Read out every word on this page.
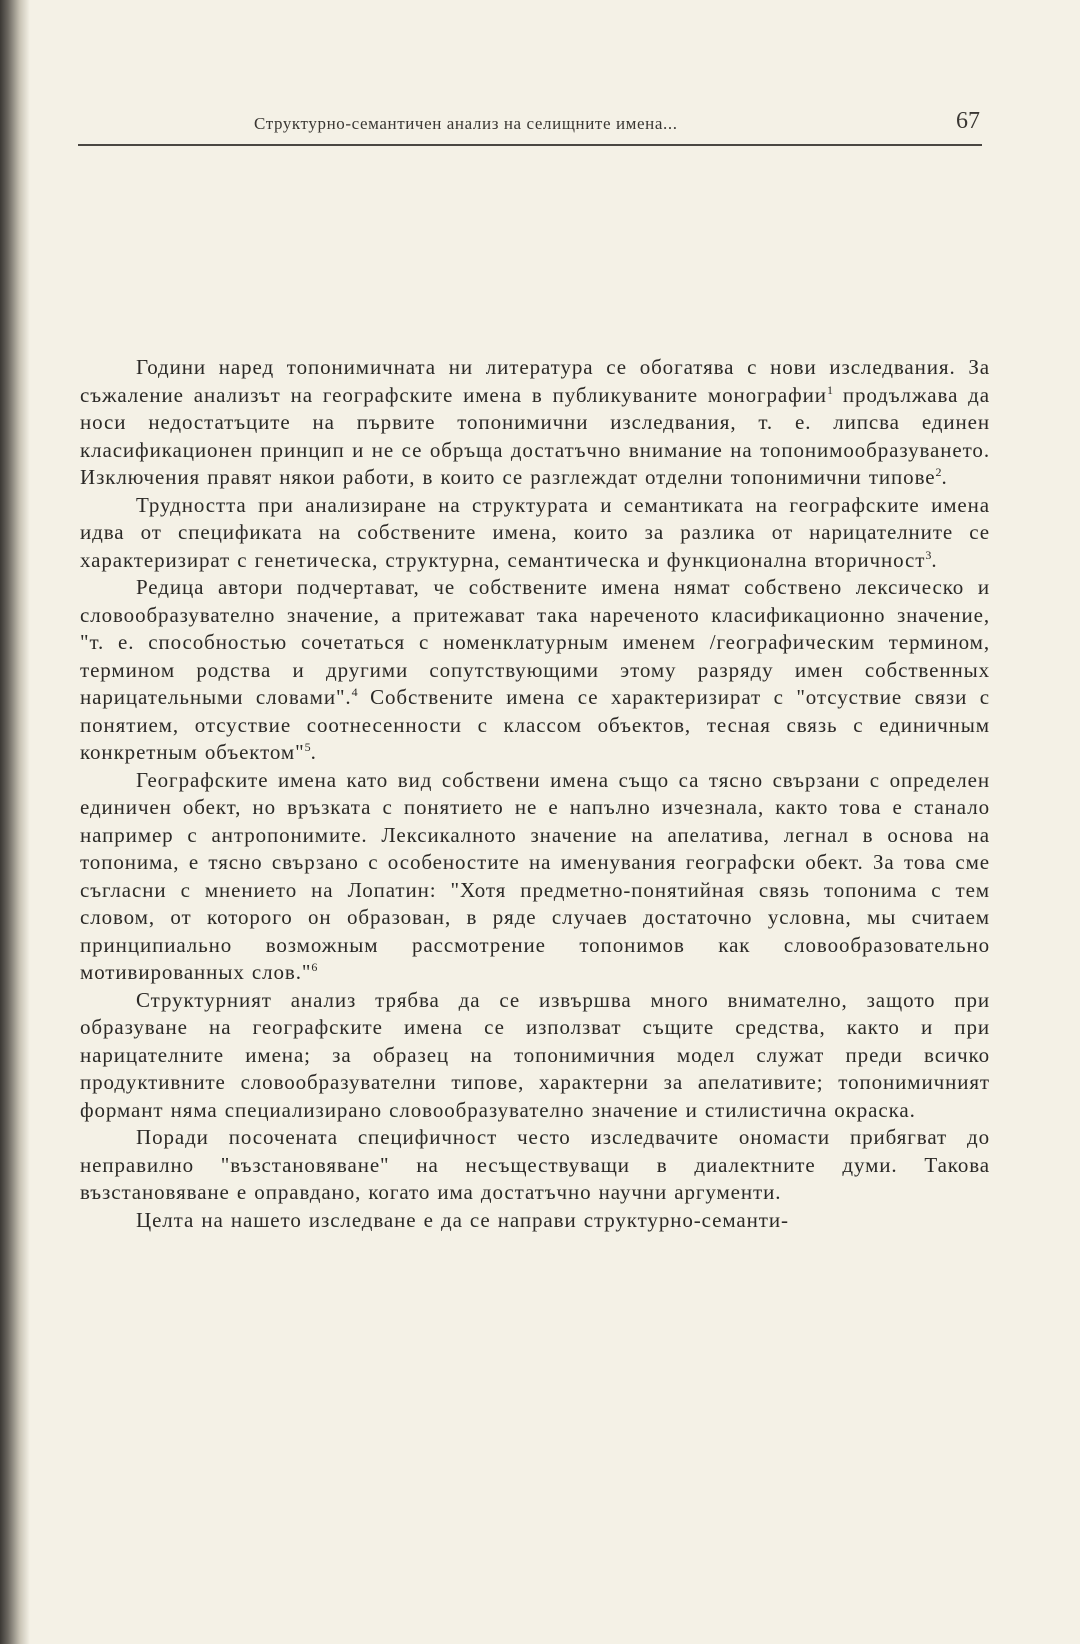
Структурно-семантичен анализ на селищните имена...	67

Години наред топонимичната ни литература се обогатява с нови изследвания. За съжаление анализът на географските имена в публикуваните монографии$^1$ продължава да носи недостатъците на първите топонимични изследвания, т. е. липсва единен класификационен принцип и не се обръща достатъчно внимание на топонимообразуването. Изключения правят някои работи, в които се разглеждат отделни топонимични типове$^2$.

Трудността при анализиране на структурата и семантиката на географските имена идва от спецификата на собствените имена, които за разлика от нарицателните се характеризират с генетическа, структурна, семантическа и функционална вторичност$^3$.

Редица автори подчертават, че собствените имена нямат собствено лексическо и словообразувателно значение, а притежават така нареченото класификационно значение, "т. е. способностью сочетаться с номенклатурным именем /географическим термином, термином родства и другими сопутствующими этому разряду имен собственных нарицательными словами".$^4$ Собствените имена се характеризират с "отсуствие связи с понятием, отсуствие соотнесенности с классом объектов, тесная связь с единичным конкретным объектом"$^5$.

Географските имена като вид собствени имена също са тясно свързани с определен единичен обект, но връзката с понятието не е напълно изчезнала, както това е станало например с антропонимите. Лексикалното значение на апелатива, легнал в основа на топонима, е тясно свързано с особеностите на именувания географски обект. За това сме съгласни с мнението на Лопатин: "Хотя предметно-понятийная связь топонима с тем словом, от которого он образован, в ряде случаев достаточно условна, мы считаем принципиально возможным рассмотрение топонимов как словообразовательно мотивированных слов."$^6$

Структурният анализ трябва да се извършва много внимателно, защото при образуване на географските имена се използват същите средства, както и при нарицателните имена; за образец на топонимичния модел служат преди всичко продуктивните словообразувателни типове, характерни за апелативите; топонимичният формант няма специализирано словообразувателно значение и стилистична окраска.

Поради посочената специфичност често изследвачите ономасти прибягват до неправилно "възстановяване" на несъществуващи в диалектните думи. Такова възстановяване е оправдано, когато има достатъчно научни аргументи.

Целта на нашето изследване е да се направи структурно-семанти-
